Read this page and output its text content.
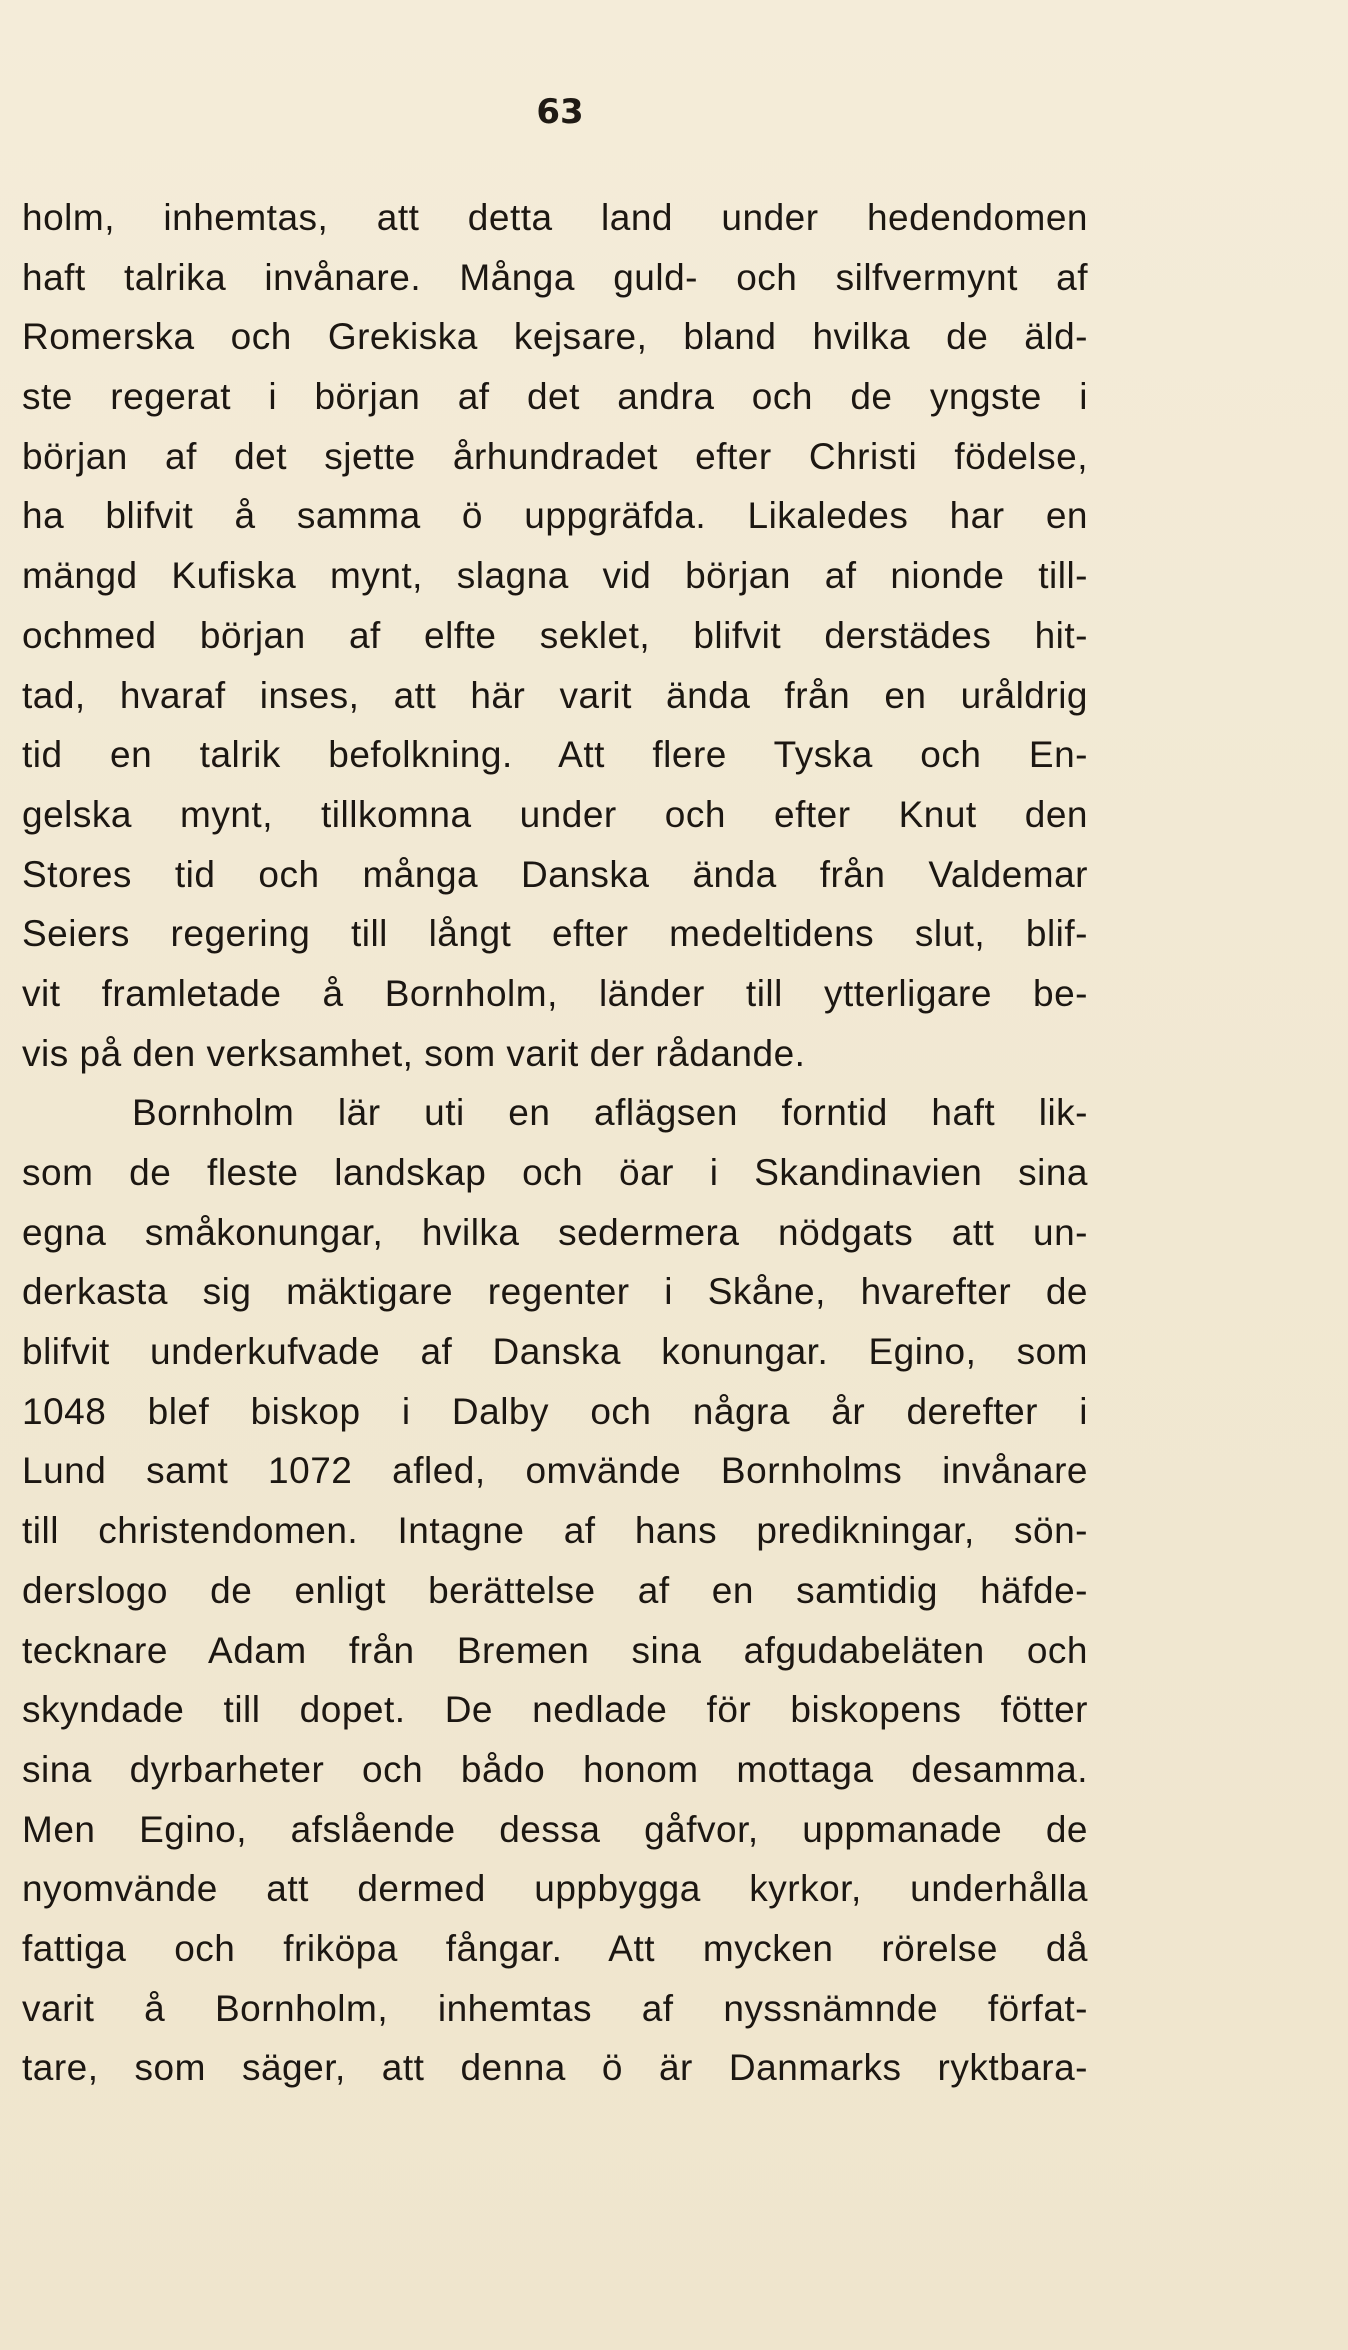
63
holm, inhemtas, att detta land under hedendomen
haft talrika invånare. Många guld- och silfvermynt af
Romerska och Grekiska kejsare, bland hvilka de äld-
ste regerat i början af det andra och de yngste i
början af det sjette århundradet efter Christi födelse,
ha blifvit å samma ö uppgräfda. Likaledes har en
mängd Kufiska mynt, slagna vid början af nionde till-
ochmed början af elfte seklet, blifvit derstädes hit-
tad, hvaraf inses, att här varit ända från en uråldrig
tid en talrik befolkning. Att flere Tyska och En-
gelska mynt, tillkomna under och efter Knut den
Stores tid och många Danska ända från Valdemar
Seiers regering till långt efter medeltidens slut, blif-
vit framletade å Bornholm, länder till ytterligare be-
vis på den verksamhet, som varit der rådande.
Bornholm lär uti en aflägsen forntid haft lik-
som de fleste landskap och öar i Skandinavien sina
egna småkonungar, hvilka sedermera nödgats att un-
derkasta sig mäktigare regenter i Skåne, hvarefter de
blifvit underkufvade af Danska konungar. Egino, som
1048 blef biskop i Dalby och några år derefter i
Lund samt 1072 afled, omvände Bornholms invånare
till christendomen. Intagne af hans predikningar, sön-
derslogo de enligt berättelse af en samtidig häfde-
tecknare Adam från Bremen sina afgudabeläten och
skyndade till dopet. De nedlade för biskopens fötter
sina dyrbarheter och bådo honom mottaga desamma.
Men Egino, afslående dessa gåfvor, uppmanade de
nyomvände att dermed uppbygga kyrkor, underhålla
fattiga och friköpa fångar. Att mycken rörelse då
varit å Bornholm, inhemtas af nyssnämnde förfat-
tare, som säger, att denna ö är Danmarks ryktbara-
